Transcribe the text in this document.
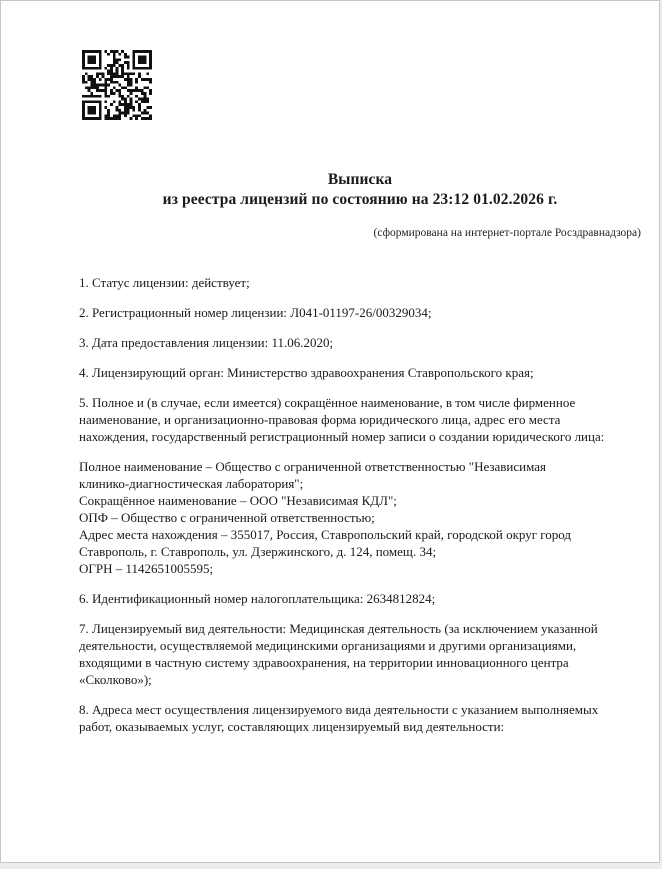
Выписка
из реестра лицензий по состоянию на 23:12 01.02.2026 г.
(сформирована на интернет-портале Росздравнадзора)
1. Статус лицензии: действует;
2. Регистрационный номер лицензии: Л041-01197-26/00329034;
3. Дата предоставления лицензии: 11.06.2020;
4. Лицензирующий орган: Министерство здравоохранения Ставропольского края;
5. Полное и (в случае, если имеется) сокращённое наименование, в том числе фирменное
наименование, и организационно-правовая форма юридического лица, адрес его места
нахождения, государственный регистрационный номер записи о создании юридического лица:
Полное наименование – Общество с ограниченной ответственностью "Независимая
клинико-диагностическая лаборатория";
Сокращённое наименование – ООО "Независимая КДЛ";
ОПФ – Общество с ограниченной ответственностью;
Адрес места нахождения – 355017, Россия, Ставропольский край, городской округ город
Ставрополь, г. Ставрополь, ул. Дзержинского, д. 124, помещ. 34;
ОГРН – 1142651005595;
6. Идентификационный номер налогоплательщика: 2634812824;
7. Лицензируемый вид деятельности: Медицинская деятельность (за исключением указанной
деятельности, осуществляемой медицинскими организациями и другими организациями,
входящими в частную систему здравоохранения, на территории инновационного центра
«Сколково»);
8. Адреса мест осуществления лицензируемого вида деятельности с указанием выполняемых
работ, оказываемых услуг, составляющих лицензируемый вид деятельности:
